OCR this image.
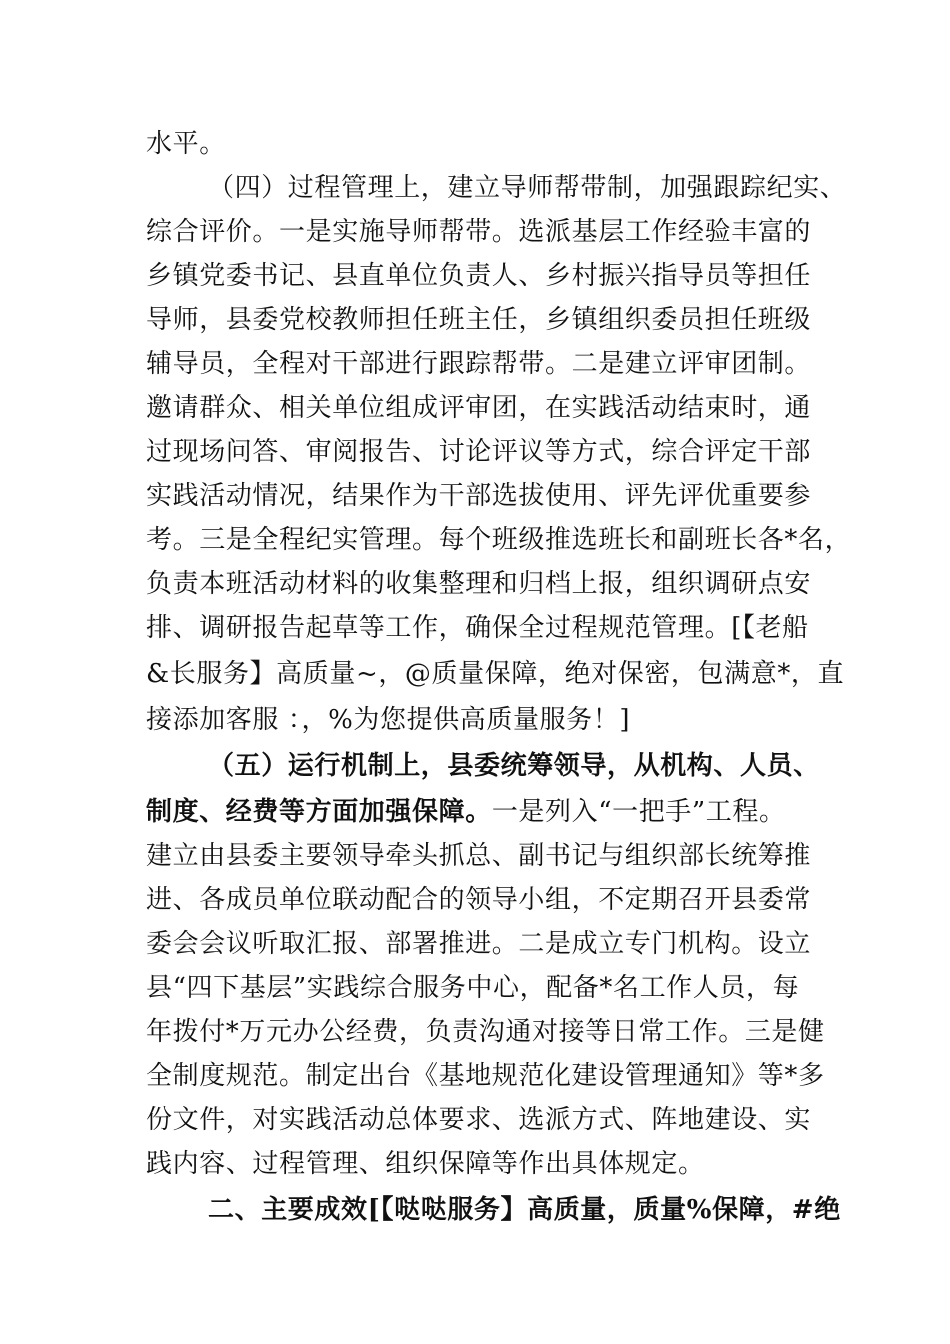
水平。
（四）过程管理上，建立导师帮带制，加强跟踪纪实、
综合评价。一是实施导师帮带。选派基层工作经验丰富的
乡镇党委书记、县直单位负责人、乡村振兴指导员等担任
导师，县委党校教师担任班主任，乡镇组织委员担任班级
辅导员，全程对干部进行跟踪帮带。二是建立评审团制。
邀请群众、相关单位组成评审团，在实践活动结束时，通
过现场问答、审阅报告、讨论评议等方式，综合评定干部
实践活动情况，结果作为干部选拔使用、评先评优重要参
考。三是全程纪实管理。每个班级推选班长和副班长各*名，
负责本班活动材料的收集整理和归档上报，组织调研点安
排、调研报告起草等工作，确保全过程规范管理。[【老船
&长服务】高质量~，@质量保障，绝对保密，包满意*，直
接添加客服 ：，%为您提供高质量服务！]
（五）运行机制上，县委统筹领导，从机构、人员、
制度、经费等方面加强保障。一是列入“一把手”工程。
建立由县委主要领导牵头抓总、副书记与组织部长统筹推
进、各成员单位联动配合的领导小组，不定期召开县委常
委会会议听取汇报、部署推进。二是成立专门机构。设立
县“四下基层”实践综合服务中心，配备*名工作人员，每
年拨付*万元办公经费，负责沟通对接等日常工作。三是健
全制度规范。制定出台《基地规范化建设管理通知》等*多
份文件，对实践活动总体要求、选派方式、阵地建设、实
践内容、过程管理、组织保障等作出具体规定。
二、主要成效[【哒哒服务】高质量，质量%保障，#绝
